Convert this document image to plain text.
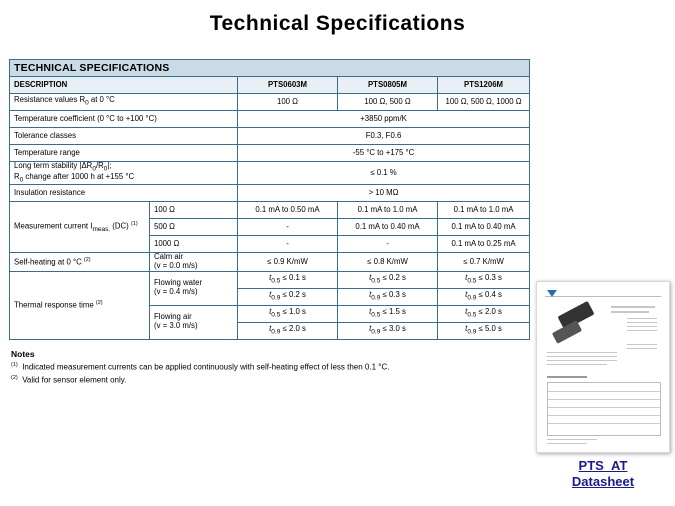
Technical Specifications
TECHNICAL SPECIFICATIONS				
DESCRIPTION		PTS0603M	PTS0805M	PTS1206M
Resistance values $R_0$ at 0 °C		100 Ω	100 Ω, 500 Ω	100 Ω, 500 Ω, 1000 Ω
Temperature coefficient (0 °C to +100 °C)		+3850 ppm/K		
Tolerance classes		F0.3, F0.6		
Temperature range		-55 °C to +175 °C		
Long term stability $|\Delta R_0/R_0|$;
$R_0$ change after 1000 h at +155 °C		≤ 0.1 %		
Insulation resistance		> 10 MΩ		
Measurement current $I_{meas.}$ (DC) $^{(1)}$	100 Ω	0.1 mA to 0.50 mA	0.1 mA to 1.0 mA	0.1 mA to 1.0 mA
	500 Ω	-	0.1 mA to 0.40 mA	0.1 mA to 0.40 mA
	1000 Ω	-	-	0.1 mA to 0.25 mA
Self-heating at 0 °C $^{(2)}$	Calm air
(v = 0.0 m/s)	≤ 0.9 K/mW	≤ 0.8 K/mW	≤ 0.7 K/mW
Thermal response time $^{(2)}$	Flowing water
(v = 0.4 m/s)	$t_{0.5} \le 0.1$ s	$t_{0.5} \le 0.2$ s	$t_{0.5} \le 0.3$ s
		$t_{0.9} \le 0.2$ s	$t_{0.9} \le 0.3$ s	$t_{0.9} \le 0.4$ s
	Flowing air
(v = 3.0 m/s)	$t_{0.5} \le 1.0$ s	$t_{0.5} \le 1.5$ s	$t_{0.5} \le 2.0$ s
		$t_{0.9} \le 2.0$ s	$t_{0.9} \le 3.0$ s	$t_{0.9} \le 5.0$ s
Notes
$^{(1)}$ Indicated measurement currents can be applied continuously with self-heating effect of less then 0.1 °C.
$^{(2)}$ Valid for sensor element only.
PTS_AT
Datasheet
